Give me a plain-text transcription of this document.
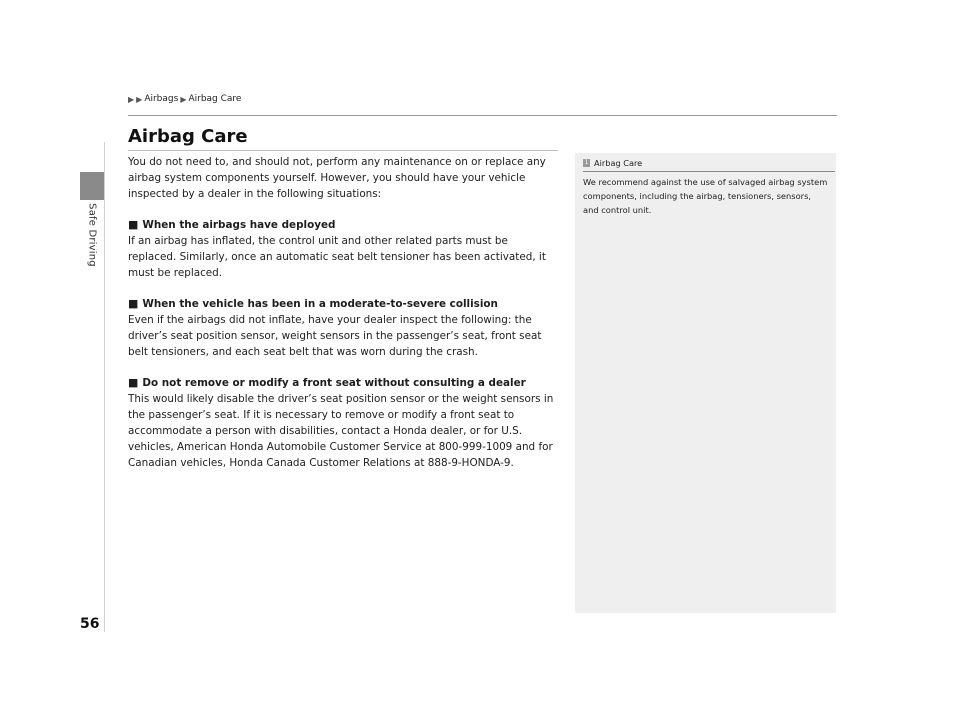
Safe Driving
56
▶ ▶ Airbags ▶ Airbag Care
Airbag Care

You do not need to, and should not, perform any maintenance on or replace any airbag system components yourself. However, you should have your vehicle inspected by a dealer in the following situations:

■ When the airbags have deployed

If an airbag has inflated, the control unit and other related parts must be replaced. Similarly, once an automatic seat belt tensioner has been activated, it must be replaced.

■ When the vehicle has been in a moderate-to-severe collision

Even if the airbags did not inflate, have your dealer inspect the following: the driver’s seat position sensor, weight sensors in the passenger’s seat, front seat belt tensioners, and each seat belt that was worn during the crash.

■ Do not remove or modify a front seat without consulting a dealer

This would likely disable the driver’s seat position sensor or the weight sensors in the passenger’s seat. If it is necessary to remove or modify a front seat to accommodate a person with disabilities, contact a Honda dealer, or for U.S. vehicles, American Honda Automobile Customer Service at 800-999-1009 and for Canadian vehicles, Honda Canada Customer Relations at 888-9-HONDA-9.

1 Airbag Care
We recommend against the use of salvaged airbag system components, including the airbag, tensioners, sensors, and control unit.
